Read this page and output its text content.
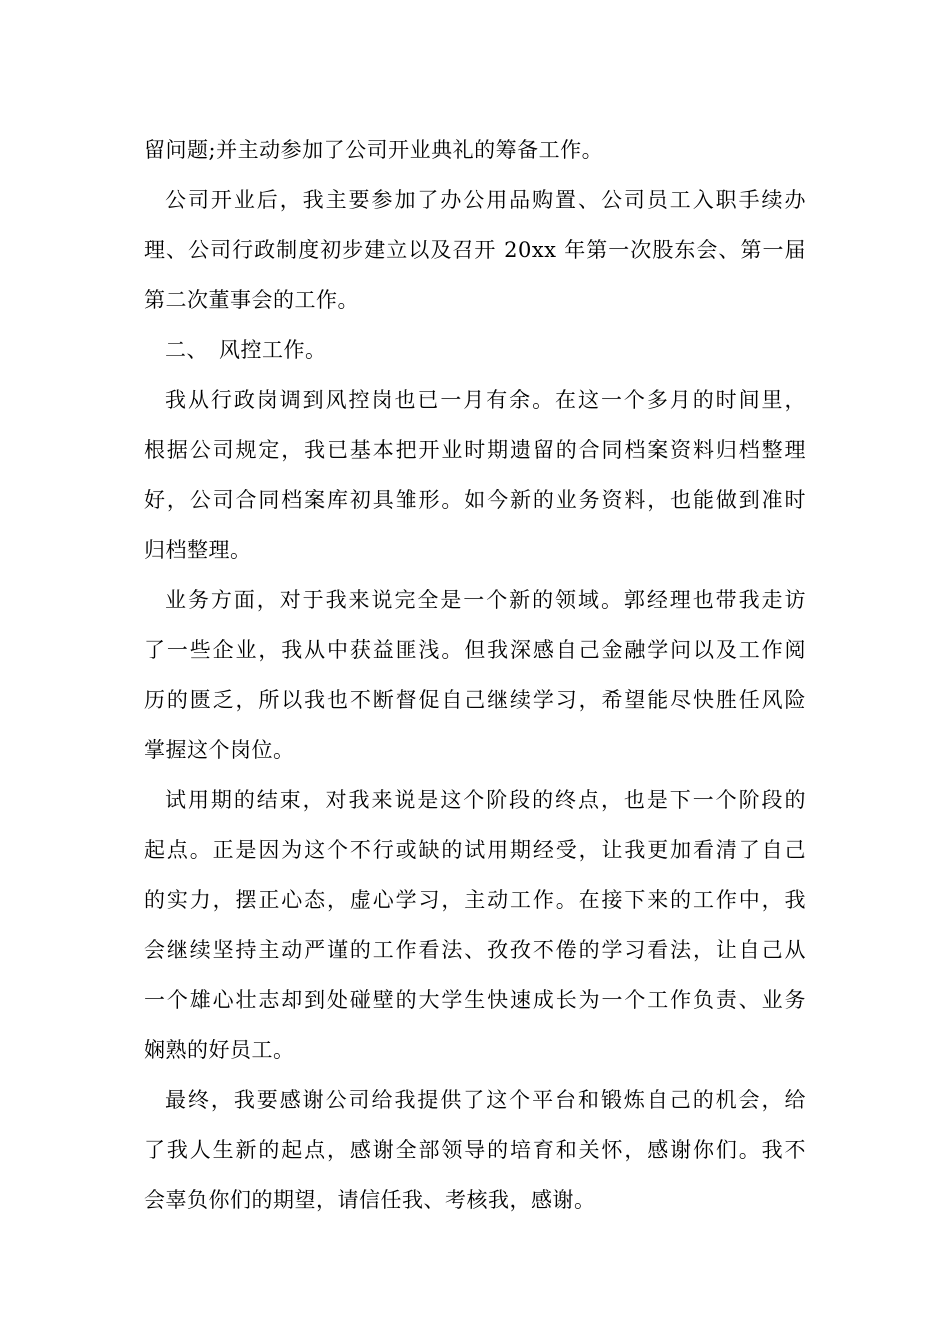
留问题;并主动参加了公司开业典礼的筹备工作。
公司开业后，我主要参加了办公用品购置、公司员工入职手续办
理、公司行政制度初步建立以及召开 20xx 年第一次股东会、第一届
第二次董事会的工作。
二、　风控工作。
我从行政岗调到风控岗也已一月有余。在这一个多月的时间里，
根据公司规定，我已基本把开业时期遗留的合同档案资料归档整理
好，公司合同档案库初具雏形。如今新的业务资料，也能做到准时
归档整理。
业务方面，对于我来说完全是一个新的领域。郭经理也带我走访
了一些企业，我从中获益匪浅。但我深感自己金融学问以及工作阅
历的匮乏，所以我也不断督促自己继续学习，希望能尽快胜任风险
掌握这个岗位。
试用期的结束，对我来说是这个阶段的终点，也是下一个阶段的
起点。正是因为这个不行或缺的试用期经受，让我更加看清了自己
的实力，摆正心态，虚心学习，主动工作。在接下来的工作中，我
会继续坚持主动严谨的工作看法、孜孜不倦的学习看法，让自己从
一个雄心壮志却到处碰壁的大学生快速成长为一个工作负责、业务
娴熟的好员工。
最终，我要感谢公司给我提供了这个平台和锻炼自己的机会，给
了我人生新的起点，感谢全部领导的培育和关怀，感谢你们。我不
会辜负你们的期望，请信任我、考核我，感谢。
